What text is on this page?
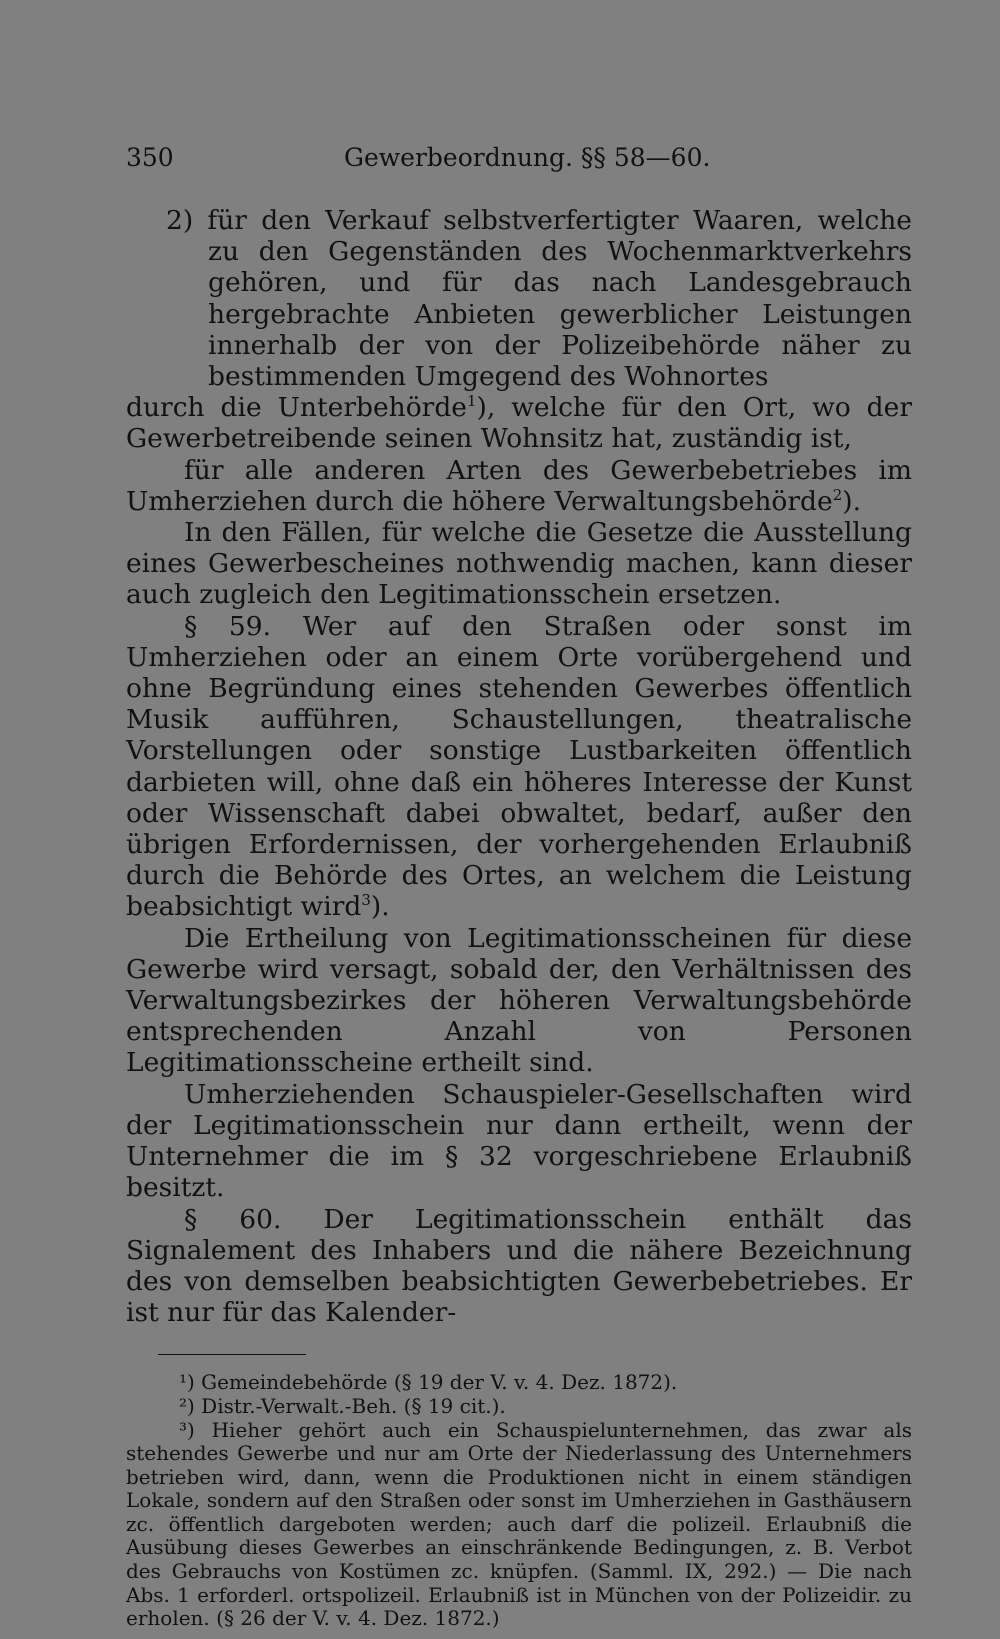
350	Gewerbeordnung. §§ 58—60.

2) für den Verkauf selbstverfertigter Waaren, welche zu den Gegenständen des Wochenmarktverkehrs gehören, und für das nach Landesgebrauch hergebrachte Anbieten gewerblicher Leistungen innerhalb der von der Polizeibehörde näher zu bestimmenden Umgegend des Wohnortes

durch die Unterbehörde$^1$), welche für den Ort, wo der Gewerbetreibende seinen Wohnsitz hat, zuständig ist,

für alle anderen Arten des Gewerbebetriebes im Umherziehen durch die höhere Verwaltungsbehörde$^2$).

In den Fällen, für welche die Gesetze die Ausstellung eines Gewerbescheines nothwendig machen, kann dieser auch zugleich den Legitimationsschein ersetzen.

§ 59. Wer auf den Straßen oder sonst im Umherziehen oder an einem Orte vorübergehend und ohne Begründung eines stehenden Gewerbes öffentlich Musik aufführen, Schaustellungen, theatralische Vorstellungen oder sonstige Lustbarkeiten öffentlich darbieten will, ohne daß ein höheres Interesse der Kunst oder Wissenschaft dabei obwaltet, bedarf, außer den übrigen Erfordernissen, der vorhergehenden Erlaubniß durch die Behörde des Ortes, an welchem die Leistung beabsichtigt wird$^3$).

Die Ertheilung von Legitimationsscheinen für diese Gewerbe wird versagt, sobald der, den Verhältnissen des Verwaltungsbezirkes der höheren Verwaltungsbehörde entsprechenden Anzahl von Personen Legitimationsscheine ertheilt sind.

Umherziehenden Schauspieler-Gesellschaften wird der Legitimationsschein nur dann ertheilt, wenn der Unternehmer die im § 32 vorgeschriebene Erlaubniß besitzt.

§ 60. Der Legitimationsschein enthält das Signalement des Inhabers und die nähere Bezeichnung des von demselben beabsichtigten Gewerbebetriebes. Er ist nur für das Kalender-

¹) Gemeindebehörde (§ 19 der V. v. 4. Dez. 1872).

²) Distr.-Verwalt.-Beh. (§ 19 cit.).

³) Hieher gehört auch ein Schauspielunternehmen, das zwar als stehendes Gewerbe und nur am Orte der Niederlassung des Unternehmers betrieben wird, dann, wenn die Produktionen nicht in einem ständigen Lokale, sondern auf den Straßen oder sonst im Umherziehen in Gasthäusern zc. öffentlich dargeboten werden; auch darf die polizeil. Erlaubniß die Ausübung dieses Gewerbes an einschränkende Bedingungen, z. B. Verbot des Gebrauchs von Kostümen zc. knüpfen. (Samml. IX, 292.) — Die nach Abs. 1 erforderl. ortspolizeil. Erlaubniß ist in München von der Polizeidir. zu erholen. (§ 26 der V. v. 4. Dez. 1872.)
